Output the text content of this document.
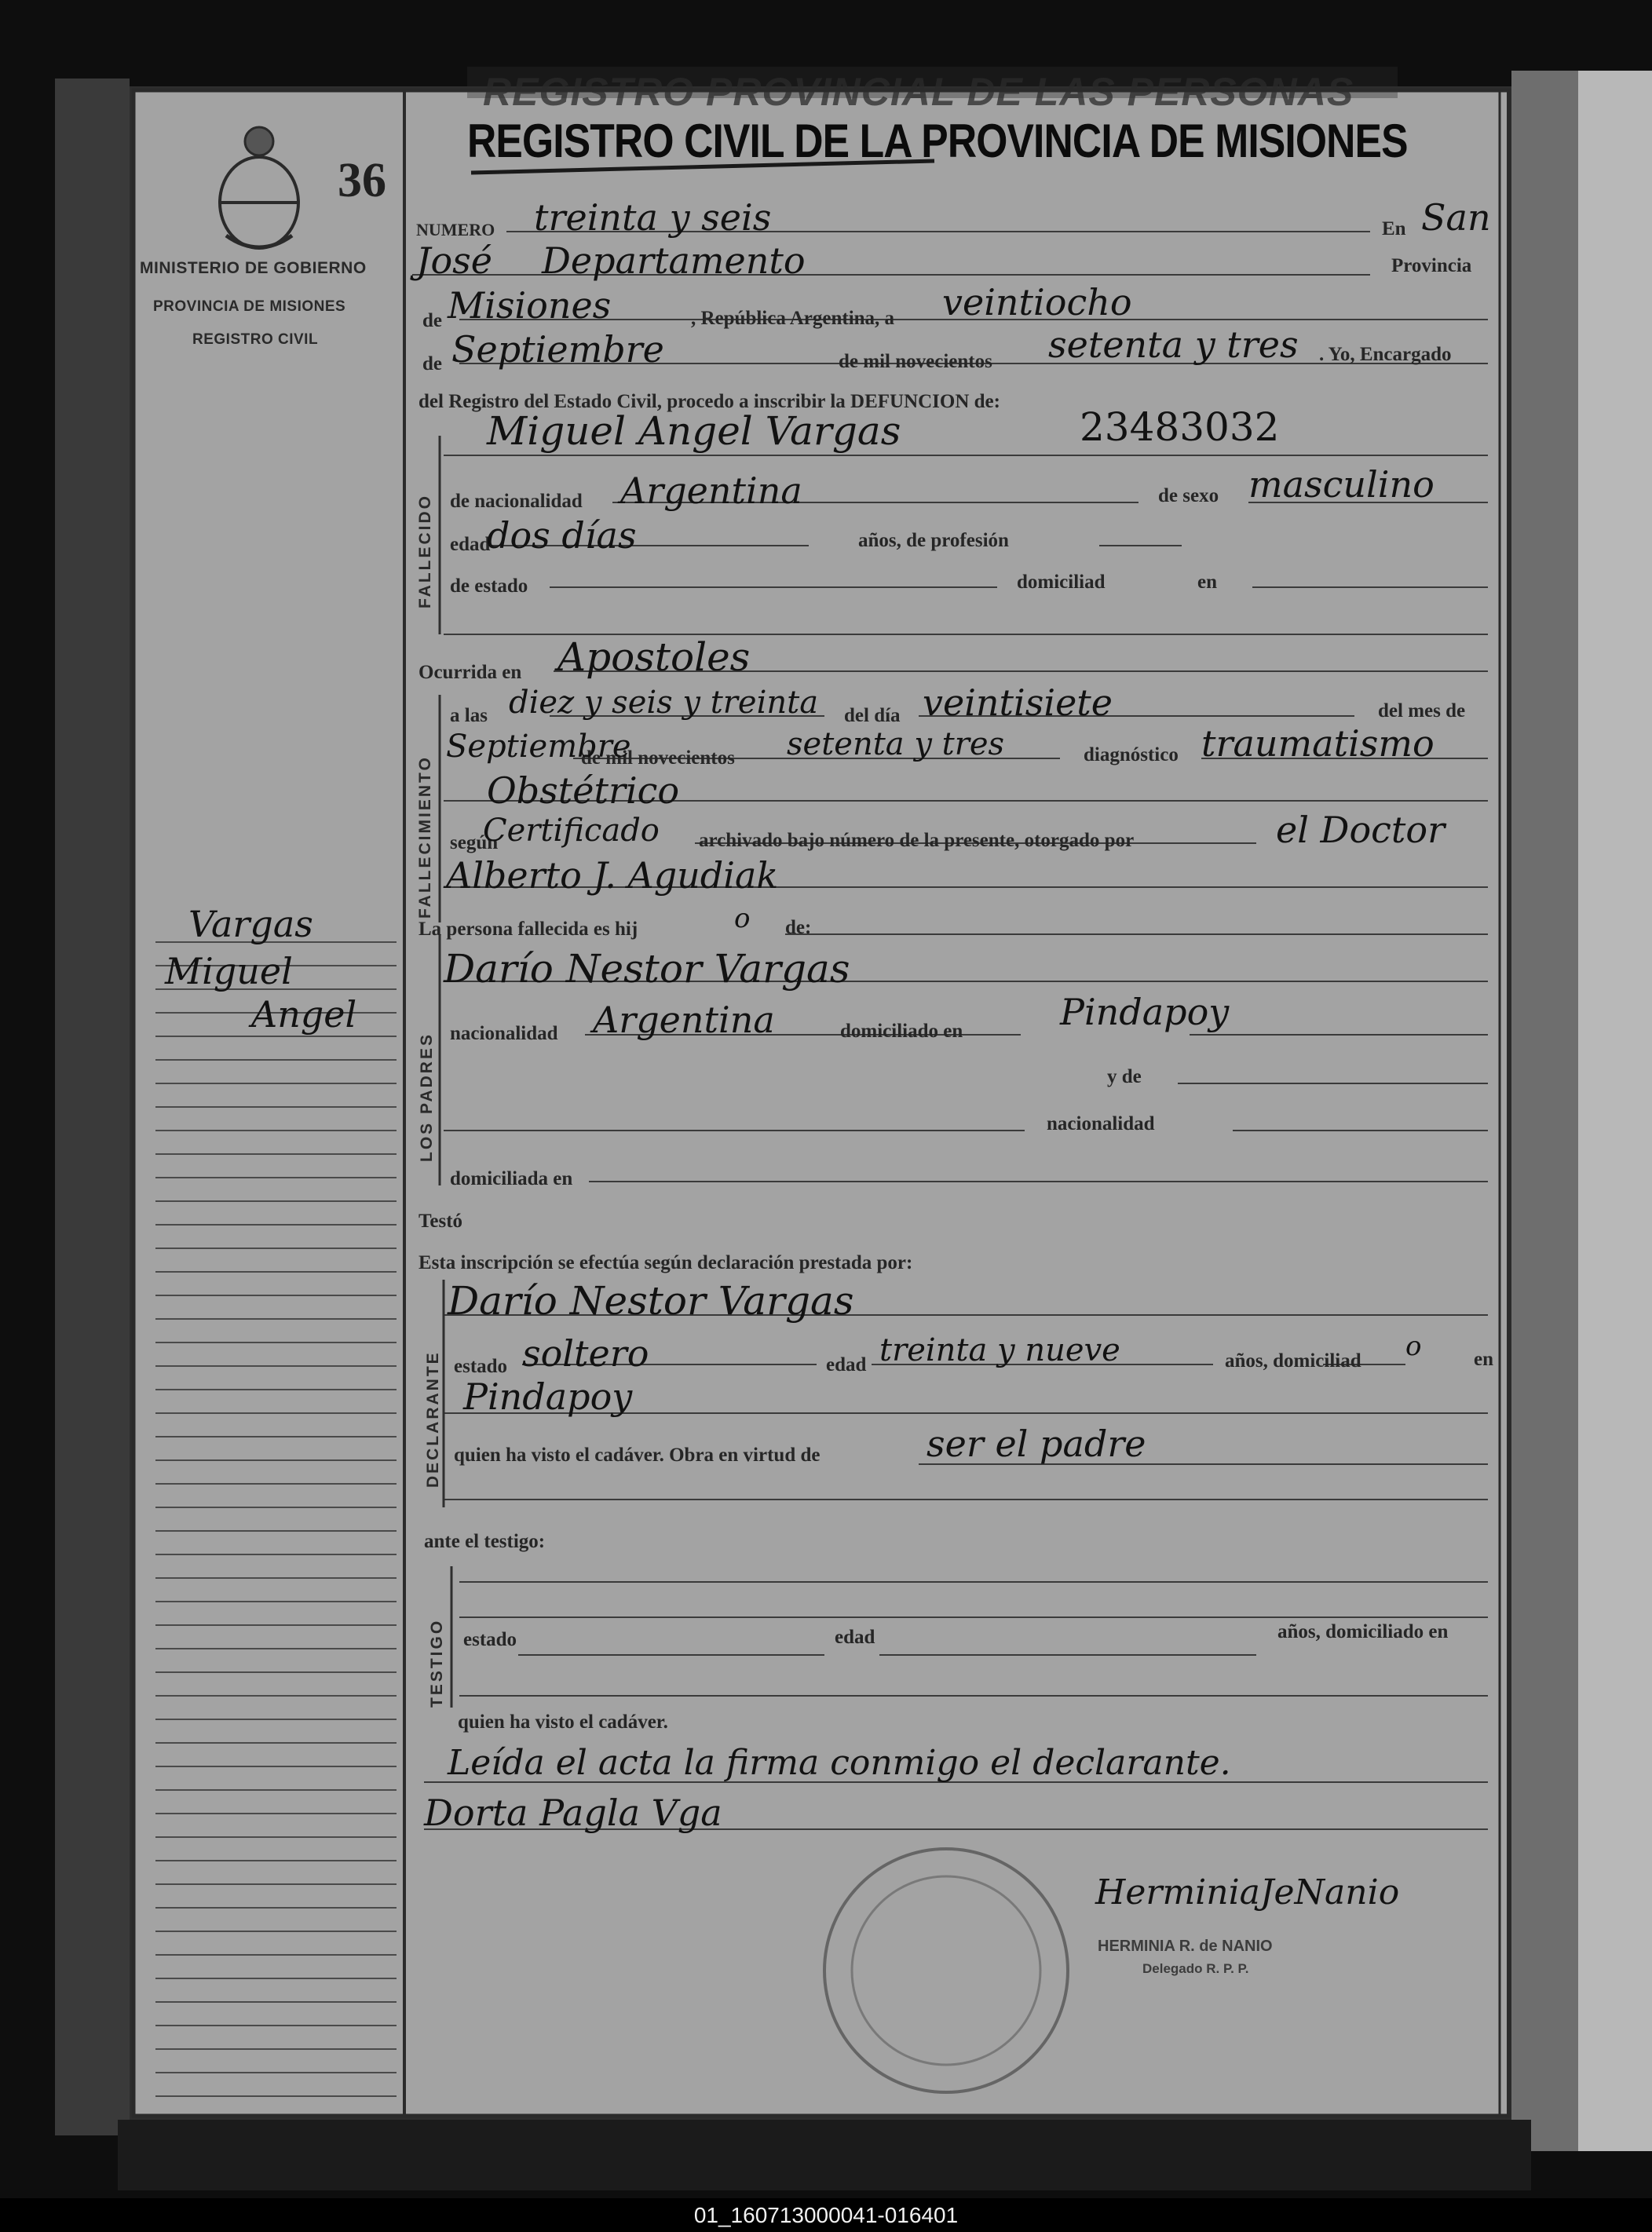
REGISTRO PROVINCIAL DE LAS PERSONAS
REGISTRO CIVIL DE LA PROVINCIA DE MISIONES
36
MINISTERIO DE GOBIERNO
PROVINCIA DE MISIONES
REGISTRO CIVIL
Vargas
Miguel
Angel
FALLECIDO
FALLECIMIENTO
LOS PADRES
DECLARANTE
TESTIGO
NUMERO	En
Provincia
de	, República Argentina, a
de	de mil novecientos	. Yo, Encargado
del Registro del Estado Civil, procedo a inscribir la DEFUNCION de:
de nacionalidad	de sexo
edad	años, de profesión
de estado	domiciliad	en
Ocurrida en
a las	del día	del mes de
de mil novecientos	diagnóstico
según	archivado bajo número de la presente, otorgado por
La persona fallecida es hij	de:
nacionalidad	domiciliado en
y de
nacionalidad
domiciliada en
Testó
Esta inscripción se efectúa según declaración prestada por:
estado	edad	años, domiciliad	en
quien ha visto el cadáver. Obra en virtud de
ante el testigo:
estado	edad	años, domiciliado en
quien ha visto el cadáver.
treinta y seis	San
José Departamento
Misiones	veintiocho
Septiembre	setenta y tres
Miguel Angel Vargas	23483032
Argentina	masculino
dos días
Apostoles
diez y seis y treinta	veintisiete
Septiembre	setenta y tres	traumatismo
Obstétrico
Certificado	el Doctor
Alberto J. Agudiak
o
Darío Nestor Vargas
Argentina	Pindapoy
Darío Nestor Vargas
soltero	treinta y nueve	o
Pindapoy
ser el padre
Leída el acta la firma conmigo el declarante.
Dorta Pagla Vga
HerminiaJeNanio
HERMINIA R. de NANIO
Delegado R. P. P.
01_160713000041-016401
